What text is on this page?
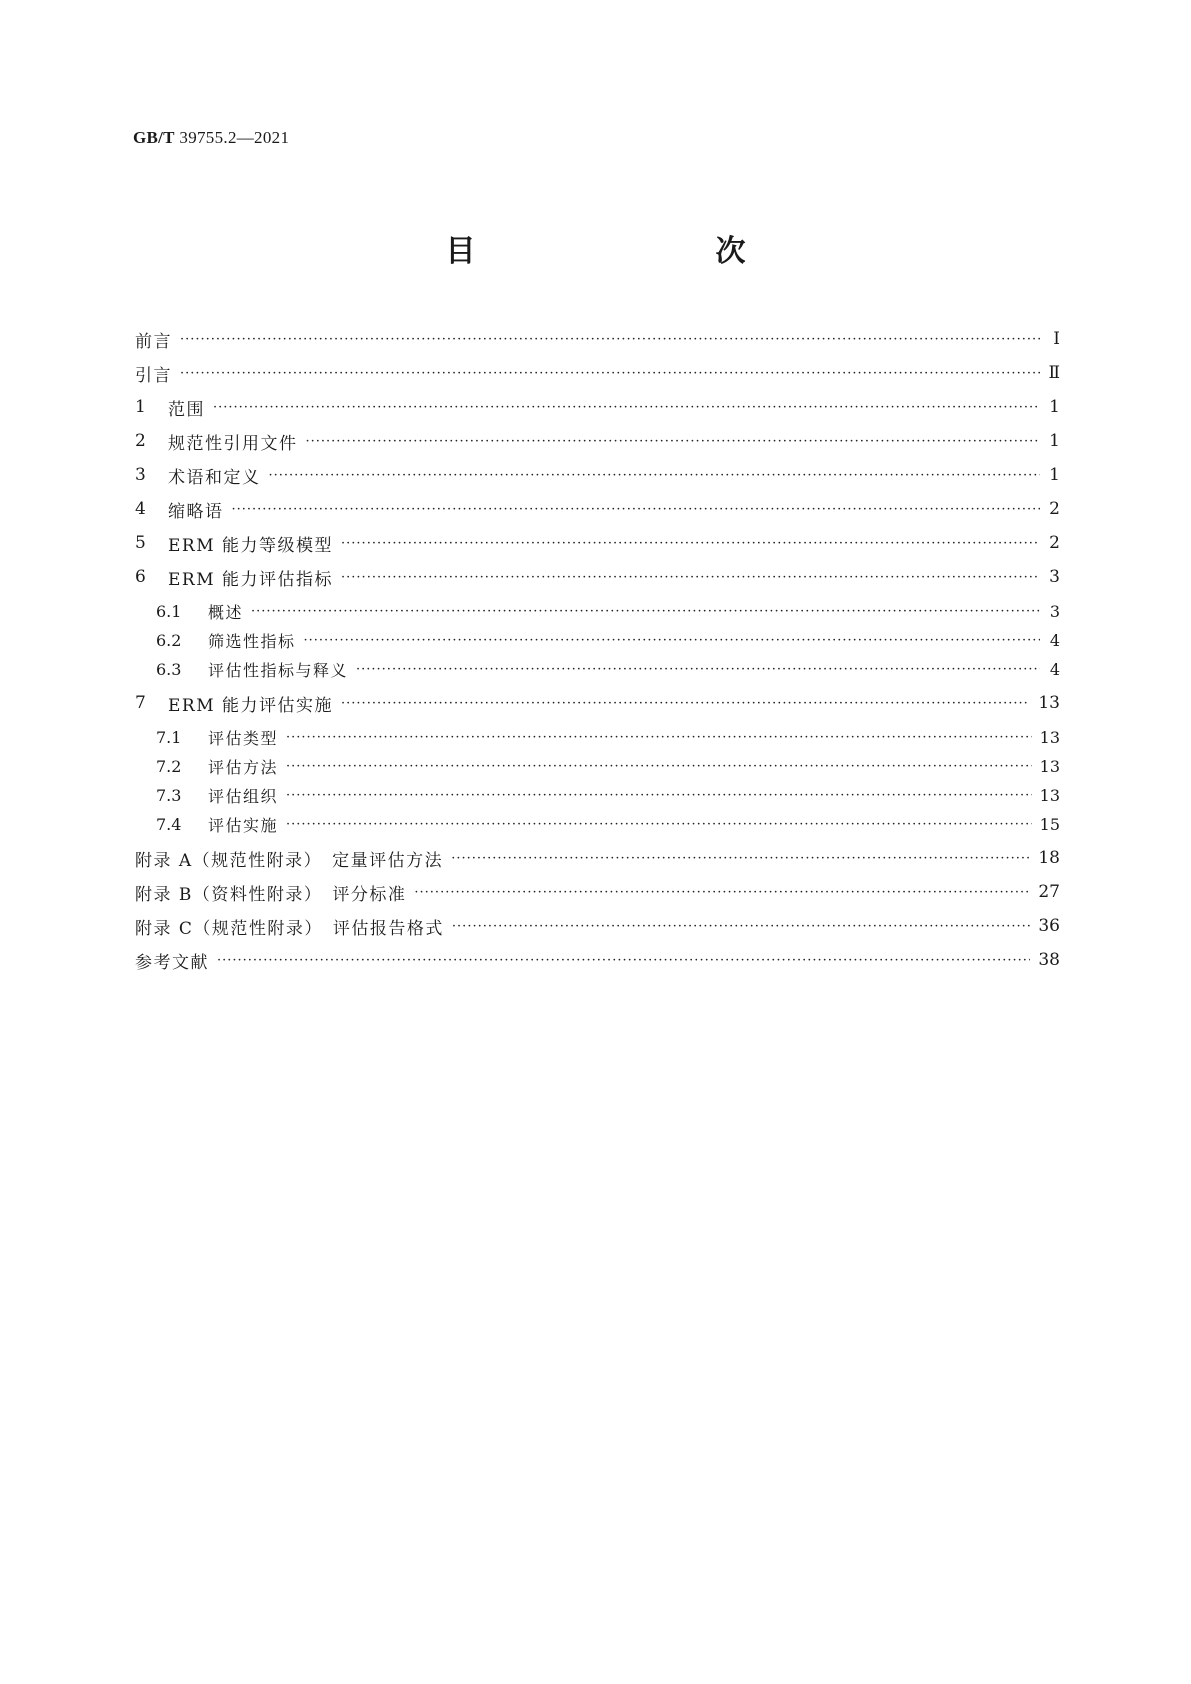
GB/T 39755.2—2021
目　　次
前言 ·····	Ⅰ
引言 ·····	Ⅱ
1	范围 ·····	1
2	规范性引用文件 ·····	1
3	术语和定义 ·····	1
4	缩略语 ·····	2
5	ERM 能力等级模型 ·····	2
6	ERM 能力评估指标 ·····	3
6.1	概述 ·····	3
6.2	筛选性指标 ·····	4
6.3	评估性指标与释义 ·····	4
7	ERM 能力评估实施 ·····	13
7.1	评估类型 ·····	13
7.2	评估方法 ·····	13
7.3	评估组织 ·····	13
7.4	评估实施 ·····	15
附录 A（规范性附录）　定量评估方法 ·····	18
附录 B（资料性附录）　评分标准 ·····	27
附录 C（规范性附录）　评估报告格式 ·····	36
参考文献 ·····	38
